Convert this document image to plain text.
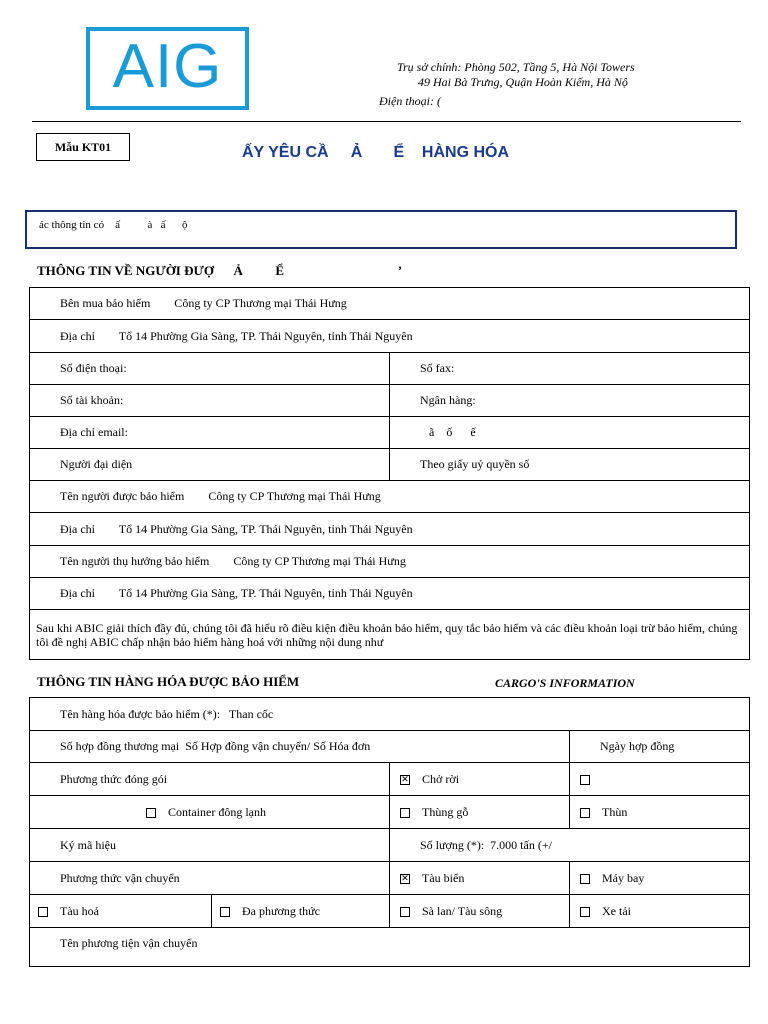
AIG	Trụ sở chính: Phòng 502, Tầng 5, Hà Nội Towers
49 Hai Bà Trưng, Quận Hoàn Kiếm, Hà Nộ
Điện thoại: (
Mẫu KT01	ẤY YÊU CẦ     Ả       Ể    HÀNG HÓA
ác thông tin có    ấ          à   ấ      ộ
THÔNG TIN VỀ NGƯỜI ĐƯỢ      Ả          Ể                                   ’
Bên mua bảo hiểm        Công ty CP Thương mại Thái Hưng	
Địa chỉ        Tổ 14 Phường Gia Sàng, TP. Thái Nguyên, tỉnh Thái Nguyên	
Số điện thoại:	Số fax:
Số tài khoản:	Ngân hàng:
Địa chỉ email:	ã    ố      ế
Người đại diện	Theo giấy uỷ quyền số
Tên người được bảo hiểm        Công ty CP Thương mại Thái Hưng	
Địa chỉ        Tổ 14 Phường Gia Sàng, TP. Thái Nguyên, tỉnh Thái Nguyên	
Tên người thụ hưởng bảo hiểm        Công ty CP Thương mại Thái Hưng	
Địa chỉ        Tổ 14 Phường Gia Sàng, TP. Thái Nguyên, tỉnh Thái Nguyên	
Sau khi ABIC giải thích đầy đủ, chúng tôi đã hiểu rõ điều kiện điều khoản bảo hiểm, quy tắc bảo hiểm và các điều khoản loại trừ bảo hiểm, chúng tôi đề nghị ABIC chấp nhận bảo hiểm hàng hoá với những nội dung như	
THÔNG TIN HÀNG HÓA ĐƯỢC BẢO HIỂM	CARGO'S INFORMATION
Tên hàng hóa được bảo hiểm (*):   Than cốc			
Số hợp đồng thương mại  Số Hợp đồng vận chuyển/ Số Hóa đơn			Ngày hợp đồng
Phương thức đóng gói		✕ Chở rời	
Container đông lạnh		Thùng gỗ	Thùn
Ký mã hiệu		Số lượng (*):  7.000 tấn (+/	
Phương thức vận chuyển		✕ Tàu biển	Máy bay
Tàu hoả	Đa phương thức	Sà lan/ Tàu sông	Xe tải
Tên phương tiện vận chuyển			
